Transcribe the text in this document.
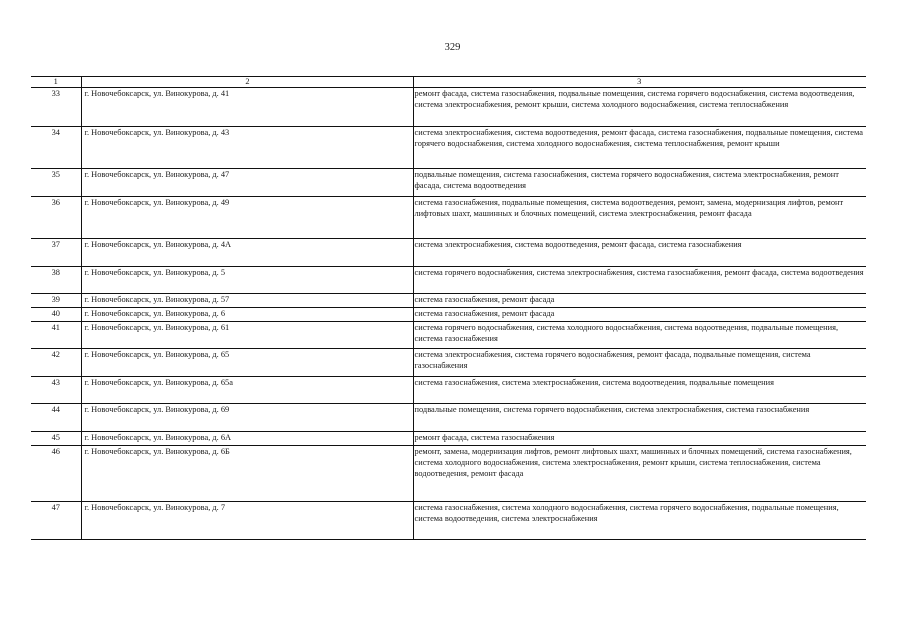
329
1	2	3
33	г. Новочебоксарск, ул. Винокурова, д. 41	ремонт фасада, система газоснабжения, подвальные помещения, система горячего водоснабжения, система водоотведения, система электроснабжения, ремонт крыши, система холодного водоснабжения, система теплоснабжения
34	г. Новочебоксарск, ул. Винокурова, д. 43	система электроснабжения, система водоотведения, ремонт фасада, система газоснабжения, подвальные помещения, система горячего водоснабжения, система холодного водоснабжения, система теплоснабжения, ремонт крыши
35	г. Новочебоксарск, ул. Винокурова, д. 47	подвальные помещения, система газоснабжения, система горячего водоснабжения, система электроснабжения, ремонт фасада, система водоотведения
36	г. Новочебоксарск, ул. Винокурова, д. 49	система газоснабжения, подвальные помещения, система водоотведения, ремонт, замена, модернизация лифтов, ремонт лифтовых шахт, машинных и блочных помещений, система электроснабжения, ремонт фасада
37	г. Новочебоксарск, ул. Винокурова, д. 4А	система электроснабжения, система водоотведения, ремонт фасада, система газоснабжения
38	г. Новочебоксарск, ул. Винокурова, д. 5	система горячего водоснабжения, система электроснабжения, система газоснабжения, ремонт фасада, система водоотведения
39	г. Новочебоксарск, ул. Винокурова, д. 57	система газоснабжения, ремонт фасада
40	г. Новочебоксарск, ул. Винокурова, д. 6	система газоснабжения, ремонт фасада
41	г. Новочебоксарск, ул. Винокурова, д. 61	система горячего водоснабжения, система холодного водоснабжения, система водоотведения, подвальные помещения, система газоснабжения
42	г. Новочебоксарск, ул. Винокурова, д. 65	система электроснабжения, система горячего водоснабжения, ремонт фасада, подвальные помещения, система газоснабжения
43	г. Новочебоксарск, ул. Винокурова, д. 65а	система газоснабжения, система электроснабжения, система водоотведения, подвальные помещения
44	г. Новочебоксарск, ул. Винокурова, д. 69	подвальные помещения, система горячего водоснабжения, система электроснабжения, система газоснабжения
45	г. Новочебоксарск, ул. Винокурова, д. 6А	ремонт фасада, система газоснабжения
46	г. Новочебоксарск, ул. Винокурова, д. 6Б	ремонт, замена, модернизация лифтов, ремонт лифтовых шахт, машинных и блочных помещений, система газоснабжения, система холодного водоснабжения, система электроснабжения, ремонт крыши, система теплоснабжения, система водоотведения, ремонт фасада
47	г. Новочебоксарск, ул. Винокурова, д. 7	система газоснабжения, система холодного водоснабжения, система горячего водоснабжения, подвальные помещения, система водоотведения, система электроснабжения
